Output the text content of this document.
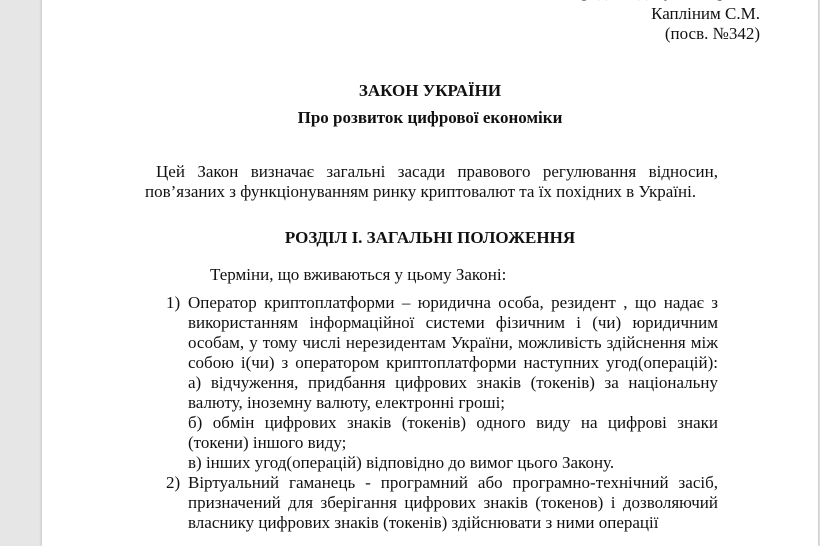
Капліним С.М.
(посв. №342)
ЗАКОН УКРАЇНИ
Про розвиток цифрової економіки
Цей Закон визначає загальні засади правового регулювання відносин,
пов’язаних з функціонуванням ринку криптовалют та їх похідних в Україні.
РОЗДІЛ І. ЗАГАЛЬНІ ПОЛОЖЕННЯ
Терміни, що вживаються у цьому Законі:
1) Оператор криптоплатформи – юридична особа, резидент , що надає з
використанням інформаційної системи фізичним і (чи) юридичним
особам, у тому числі нерезидентам України, можливість здійснення між
собою і(чи) з оператором криптоплатформи наступних угод(операцій):
а) відчуження, придбання цифрових знаків (токенів) за національну
валюту, іноземну валюту, електронні гроші;
б) обмін цифрових знаків (токенів) одного виду на цифрові знаки
(токени) іншого виду;
в) інших угод(операцій) відповідно до вимог цього Закону.
2) Віртуальний гаманець - програмний або програмно-технічний засіб,
призначений для зберігання цифрових знаків (токенов) і дозволяючий
власнику цифрових знаків (токенів) здійснювати з ними операції
